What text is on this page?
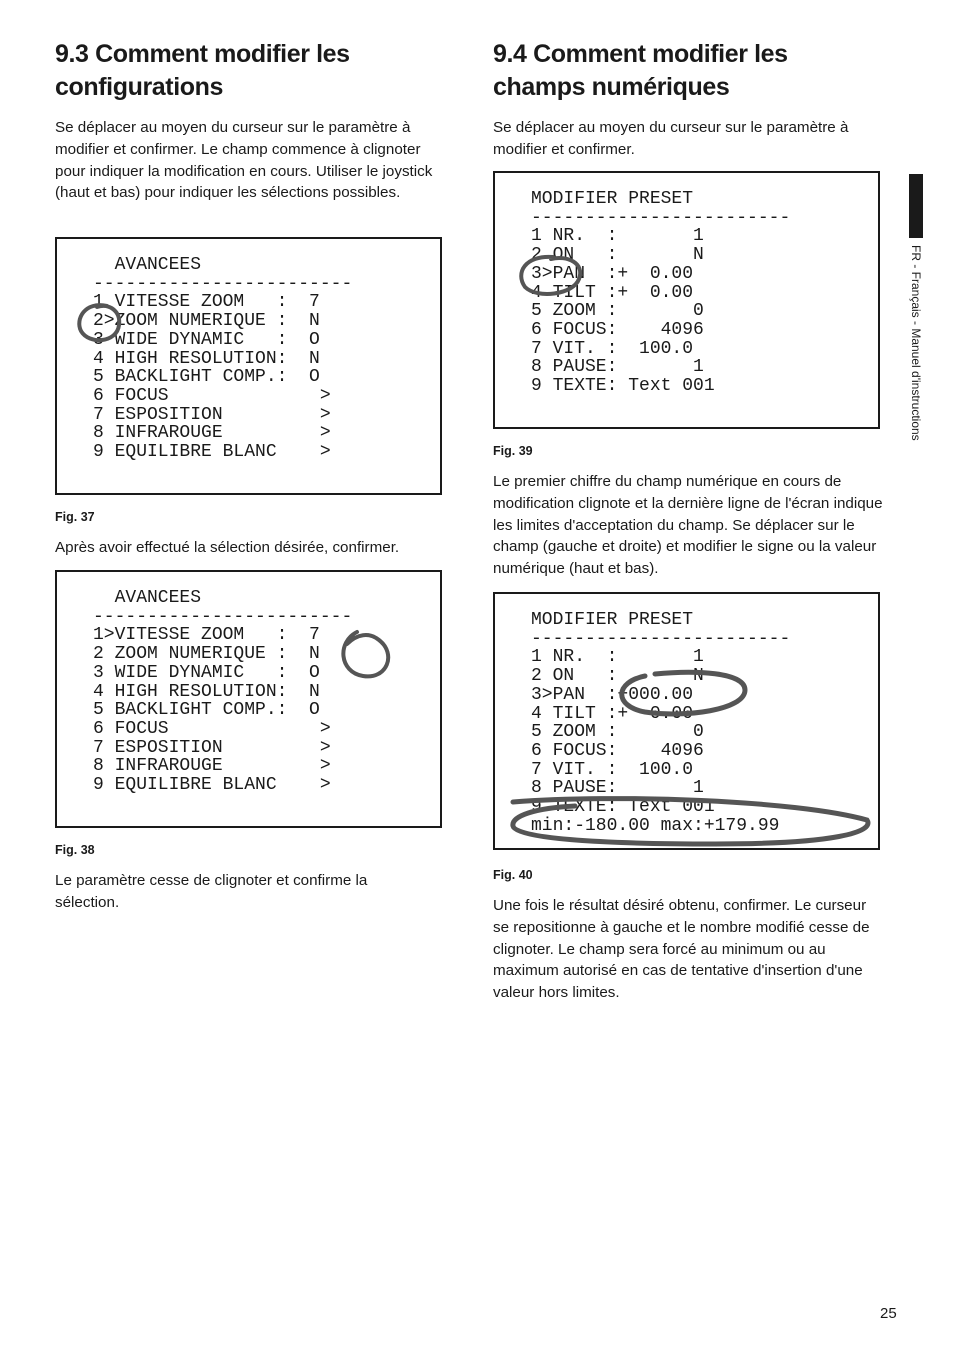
9.3 Comment modifier les
configurations

Se déplacer au moyen du curseur sur le paramètre à modifier et confirmer. Le champ commence à clignoter pour indiquer la modification en cours. Utiliser le joystick (haut et bas) pour indiquer les sélections possibles.

AVANCEES
------------------------
1 VITESSE ZOOM   :  7
2>ZOOM NUMERIQUE :  N
3 WIDE DYNAMIC   :  O
4 HIGH RESOLUTION:  N
5 BACKLIGHT COMP.:  O
6 FOCUS              >
7 ESPOSITION         >
8 INFRAROUGE         >
9 EQUILIBRE BLANC    >
Fig. 37

Après avoir effectué la sélection désirée, confirmer.

AVANCEES
------------------------
1>VITESSE ZOOM   :  7
2 ZOOM NUMERIQUE :  N
3 WIDE DYNAMIC   :  O
4 HIGH RESOLUTION:  N
5 BACKLIGHT COMP.:  O
6 FOCUS              >
7 ESPOSITION         >
8 INFRAROUGE         >
9 EQUILIBRE BLANC    >
Fig. 38

Le paramètre cesse de clignoter et confirme la sélection.

9.4 Comment modifier les
champs numériques

Se déplacer au moyen du curseur sur le paramètre à modifier et confirmer.

MODIFIER PRESET
------------------------
1 NR.  :       1
2 ON   :       N
3>PAN  :+  0.00
4 TILT :+  0.00
5 ZOOM :       0
6 FOCUS:    4096
7 VIT. :  100.0
8 PAUSE:       1
9 TEXTE: Text 001
Fig. 39

Le premier chiffre du champ numérique en cours de modification clignote et la dernière ligne de l'écran indique les limites d'acceptation du champ. Se déplacer sur le champ (gauche et droite) et modifier le signe ou la valeur numérique (haut et bas).

MODIFIER PRESET
------------------------
1 NR.  :       1
2 ON   :       N
3>PAN  :+000.00
4 TILT :+  0.00
5 ZOOM :       0
6 FOCUS:    4096
7 VIT. :  100.0
8 PAUSE:       1
9 TEXTE: Text 001
min:-180.00 max:+179.99
Fig. 40

Une fois le résultat désiré obtenu, confirmer. Le curseur se repositionne à gauche et le nombre modifié cesse de clignoter. Le champ sera forcé au minimum ou au maximum autorisé en cas de tentative d'insertion d'une valeur hors limites.

FR - Français - Manuel d'instructions
25
